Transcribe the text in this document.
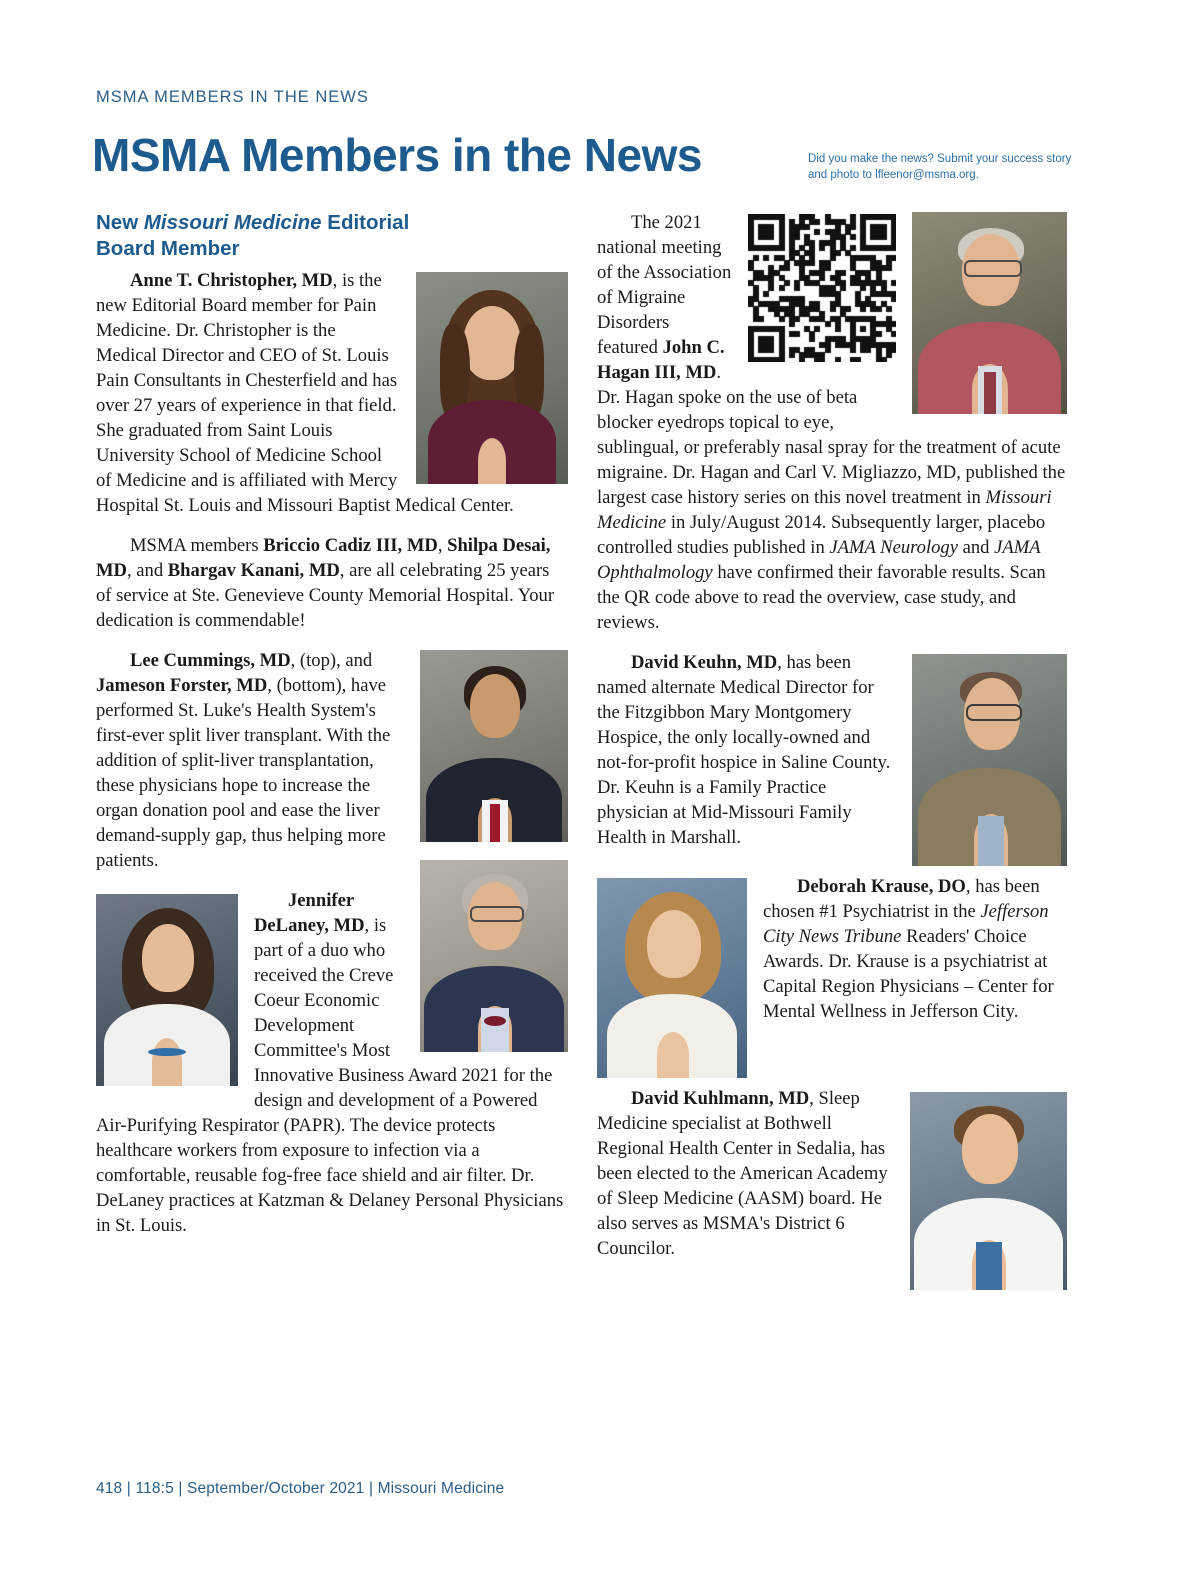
MSMA MEMBERS IN THE NEWS
MSMA Members in the News	Did you make the news? Submit your success story and photo to lfleenor@msma.org.
New Missouri Medicine Editorial
Board Member

Anne T. Christopher, MD, is the new Editorial Board member for Pain Medicine. Dr. Christopher is the Medical Director and CEO of St. Louis Pain Consultants in Chesterfield and has over 27 years of experience in that field. She graduated from Saint Louis University School of Medicine School of Medicine and is affiliated with Mercy Hospital St. Louis and Missouri Baptist Medical Center.

MSMA members Briccio Cadiz III, MD, Shilpa Desai, MD, and Bhargav Kanani, MD, are all celebrating 25 years of service at Ste. Genevieve County Memorial Hospital. Your dedication is commendable!

Lee Cummings, MD, (top), and Jameson Forster, MD, (bottom), have performed St. Luke's Health System's first-ever split liver transplant. With the addition of split-liver transplantation, these physicians hope to increase the organ donation pool and ease the liver demand-supply gap, thus helping more patients.

Jennifer DeLaney, MD, is part of a duo who received the Creve Coeur Economic Development Committee's Most Innovative Business Award 2021 for the design and development of a Powered Air-Purifying Respirator (PAPR). The device protects healthcare workers from exposure to infection via a comfortable, reusable fog-free face shield and air filter. Dr. DeLaney practices at Katzman & Delaney Personal Physicians in St. Louis.

The 2021 national meeting of the Association of Migraine Disorders featured John C. Hagan III, MD. Dr. Hagan spoke on the use of beta blocker eyedrops topical to eye, sublingual, or preferably nasal spray for the treatment of acute migraine. Dr. Hagan and Carl V. Migliazzo, MD, published the largest case history series on this novel treatment in Missouri Medicine in July/August 2014. Subsequently larger, placebo controlled studies published in JAMA Neurology and JAMA Ophthalmology have confirmed their favorable results. Scan the QR code above to read the overview, case study, and reviews.

David Keuhn, MD, has been named alternate Medical Director for the Fitzgibbon Mary Montgomery Hospice, the only locally-owned and not-for-profit hospice in Saline County. Dr. Keuhn is a Family Practice physician at Mid-Missouri Family Health in Marshall.

Deborah Krause, DO, has been chosen #1 Psychiatrist in the Jefferson City News Tribune Readers' Choice Awards. Dr. Krause is a psychiatrist at Capital Region Physicians – Center for Mental Wellness in Jefferson City.

David Kuhlmann, MD, Sleep Medicine specialist at Bothwell Regional Health Center in Sedalia, has been elected to the American Academy of Sleep Medicine (AASM) board. He also serves as MSMA's District 6 Councilor.

418 | 118:5 | September/October 2021 | Missouri Medicine
